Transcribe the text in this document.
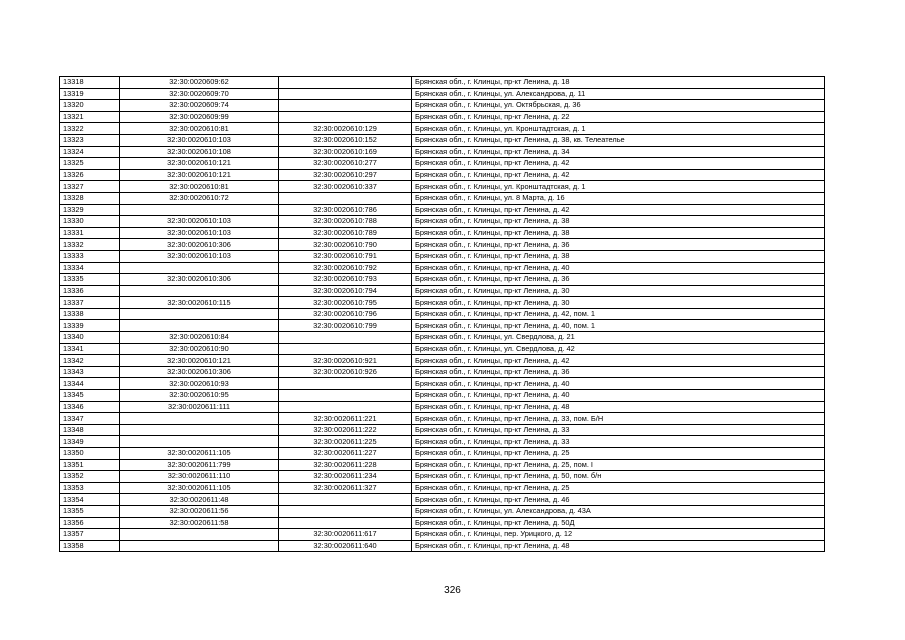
13318	32:30:0020609:62		Брянская обл., г. Клинцы, пр-кт Ленина, д. 18
13319	32:30:0020609:70		Брянская обл., г. Клинцы, ул. Александрова, д. 11
13320	32:30:0020609:74		Брянская обл., г. Клинцы, ул. Октябрьская, д. 36
13321	32:30:0020609:99		Брянская обл., г. Клинцы, пр-кт Ленина, д. 22
13322	32:30:0020610:81	32:30:0020610:129	Брянская обл., г. Клинцы, ул. Кронштадтская, д. 1
13323	32:30:0020610:103	32:30:0020610:152	Брянская обл., г. Клинцы, пр-кт Ленина, д. 38, кв. Телеателье
13324	32:30:0020610:108	32:30:0020610:169	Брянская обл., г. Клинцы, пр-кт Ленина, д. 34
13325	32:30:0020610:121	32:30:0020610:277	Брянская обл., г. Клинцы, пр-кт Ленина, д. 42
13326	32:30:0020610:121	32:30:0020610:297	Брянская обл., г. Клинцы, пр-кт Ленина, д. 42
13327	32:30:0020610:81	32:30:0020610:337	Брянская обл., г. Клинцы, ул. Кронштадтская, д. 1
13328	32:30:0020610:72		Брянская обл., г. Клинцы, ул. 8 Марта, д. 16
13329		32:30:0020610:786	Брянская обл., г. Клинцы, пр-кт Ленина, д. 42
13330	32:30:0020610:103	32:30:0020610:788	Брянская обл., г. Клинцы, пр-кт Ленина, д. 38
13331	32:30:0020610:103	32:30:0020610:789	Брянская обл., г. Клинцы, пр-кт Ленина, д. 38
13332	32:30:0020610:306	32:30:0020610:790	Брянская обл., г. Клинцы, пр-кт Ленина, д. 36
13333	32:30:0020610:103	32:30:0020610:791	Брянская обл., г. Клинцы, пр-кт Ленина, д. 38
13334		32:30:0020610:792	Брянская обл., г. Клинцы, пр-кт Ленина, д. 40
13335	32:30:0020610:306	32:30:0020610:793	Брянская обл., г. Клинцы, пр-кт Ленина, д. 36
13336		32:30:0020610:794	Брянская обл., г. Клинцы, пр-кт Ленина, д. 30
13337	32:30:0020610:115	32:30:0020610:795	Брянская обл., г. Клинцы, пр-кт Ленина, д. 30
13338		32:30:0020610:796	Брянская обл., г. Клинцы, пр-кт Ленина, д. 42, пом. 1
13339		32:30:0020610:799	Брянская обл., г. Клинцы, пр-кт Ленина, д. 40, пом. 1
13340	32:30:0020610:84		Брянская обл., г. Клинцы, ул. Свердлова, д. 21
13341	32:30:0020610:90		Брянская обл., г. Клинцы, ул. Свердлова, д. 42
13342	32:30:0020610:121	32:30:0020610:921	Брянская обл., г. Клинцы, пр-кт Ленина, д. 42
13343	32:30:0020610:306	32:30:0020610:926	Брянская обл., г. Клинцы, пр-кт Ленина, д. 36
13344	32:30:0020610:93		Брянская обл., г. Клинцы, пр-кт Ленина, д. 40
13345	32:30:0020610:95		Брянская обл., г. Клинцы, пр-кт Ленина, д. 40
13346	32:30:0020611:111		Брянская обл., г. Клинцы, пр-кт Ленина, д. 48
13347		32:30:0020611:221	Брянская обл., г. Клинцы, пр-кт Ленина, д. 33, пом. Б/Н
13348		32:30:0020611:222	Брянская обл., г. Клинцы, пр-кт Ленина, д. 33
13349		32:30:0020611:225	Брянская обл., г. Клинцы, пр-кт Ленина, д. 33
13350	32:30:0020611:105	32:30:0020611:227	Брянская обл., г. Клинцы, пр-кт Ленина, д. 25
13351	32:30:0020611:799	32:30:0020611:228	Брянская обл., г. Клинцы, пр-кт Ленина, д. 25, пом. I
13352	32:30:0020611:110	32:30:0020611:234	Брянская обл., г. Клинцы, пр-кт Ленина, д. 50, пом. б/н
13353	32:30:0020611:105	32:30:0020611:327	Брянская обл., г. Клинцы, пр-кт Ленина, д. 25
13354	32:30:0020611:48		Брянская обл., г. Клинцы, пр-кт Ленина, д. 46
13355	32:30:0020611:56		Брянская обл., г. Клинцы, ул. Александрова, д. 43А
13356	32:30:0020611:58		Брянская обл., г. Клинцы, пр-кт Ленина, д. 50Д
13357		32:30:0020611:617	Брянская обл., г. Клинцы, пер. Урицкого, д. 12
13358		32:30:0020611:640	Брянская обл., г. Клинцы, пр-кт Ленина, д. 48
326
